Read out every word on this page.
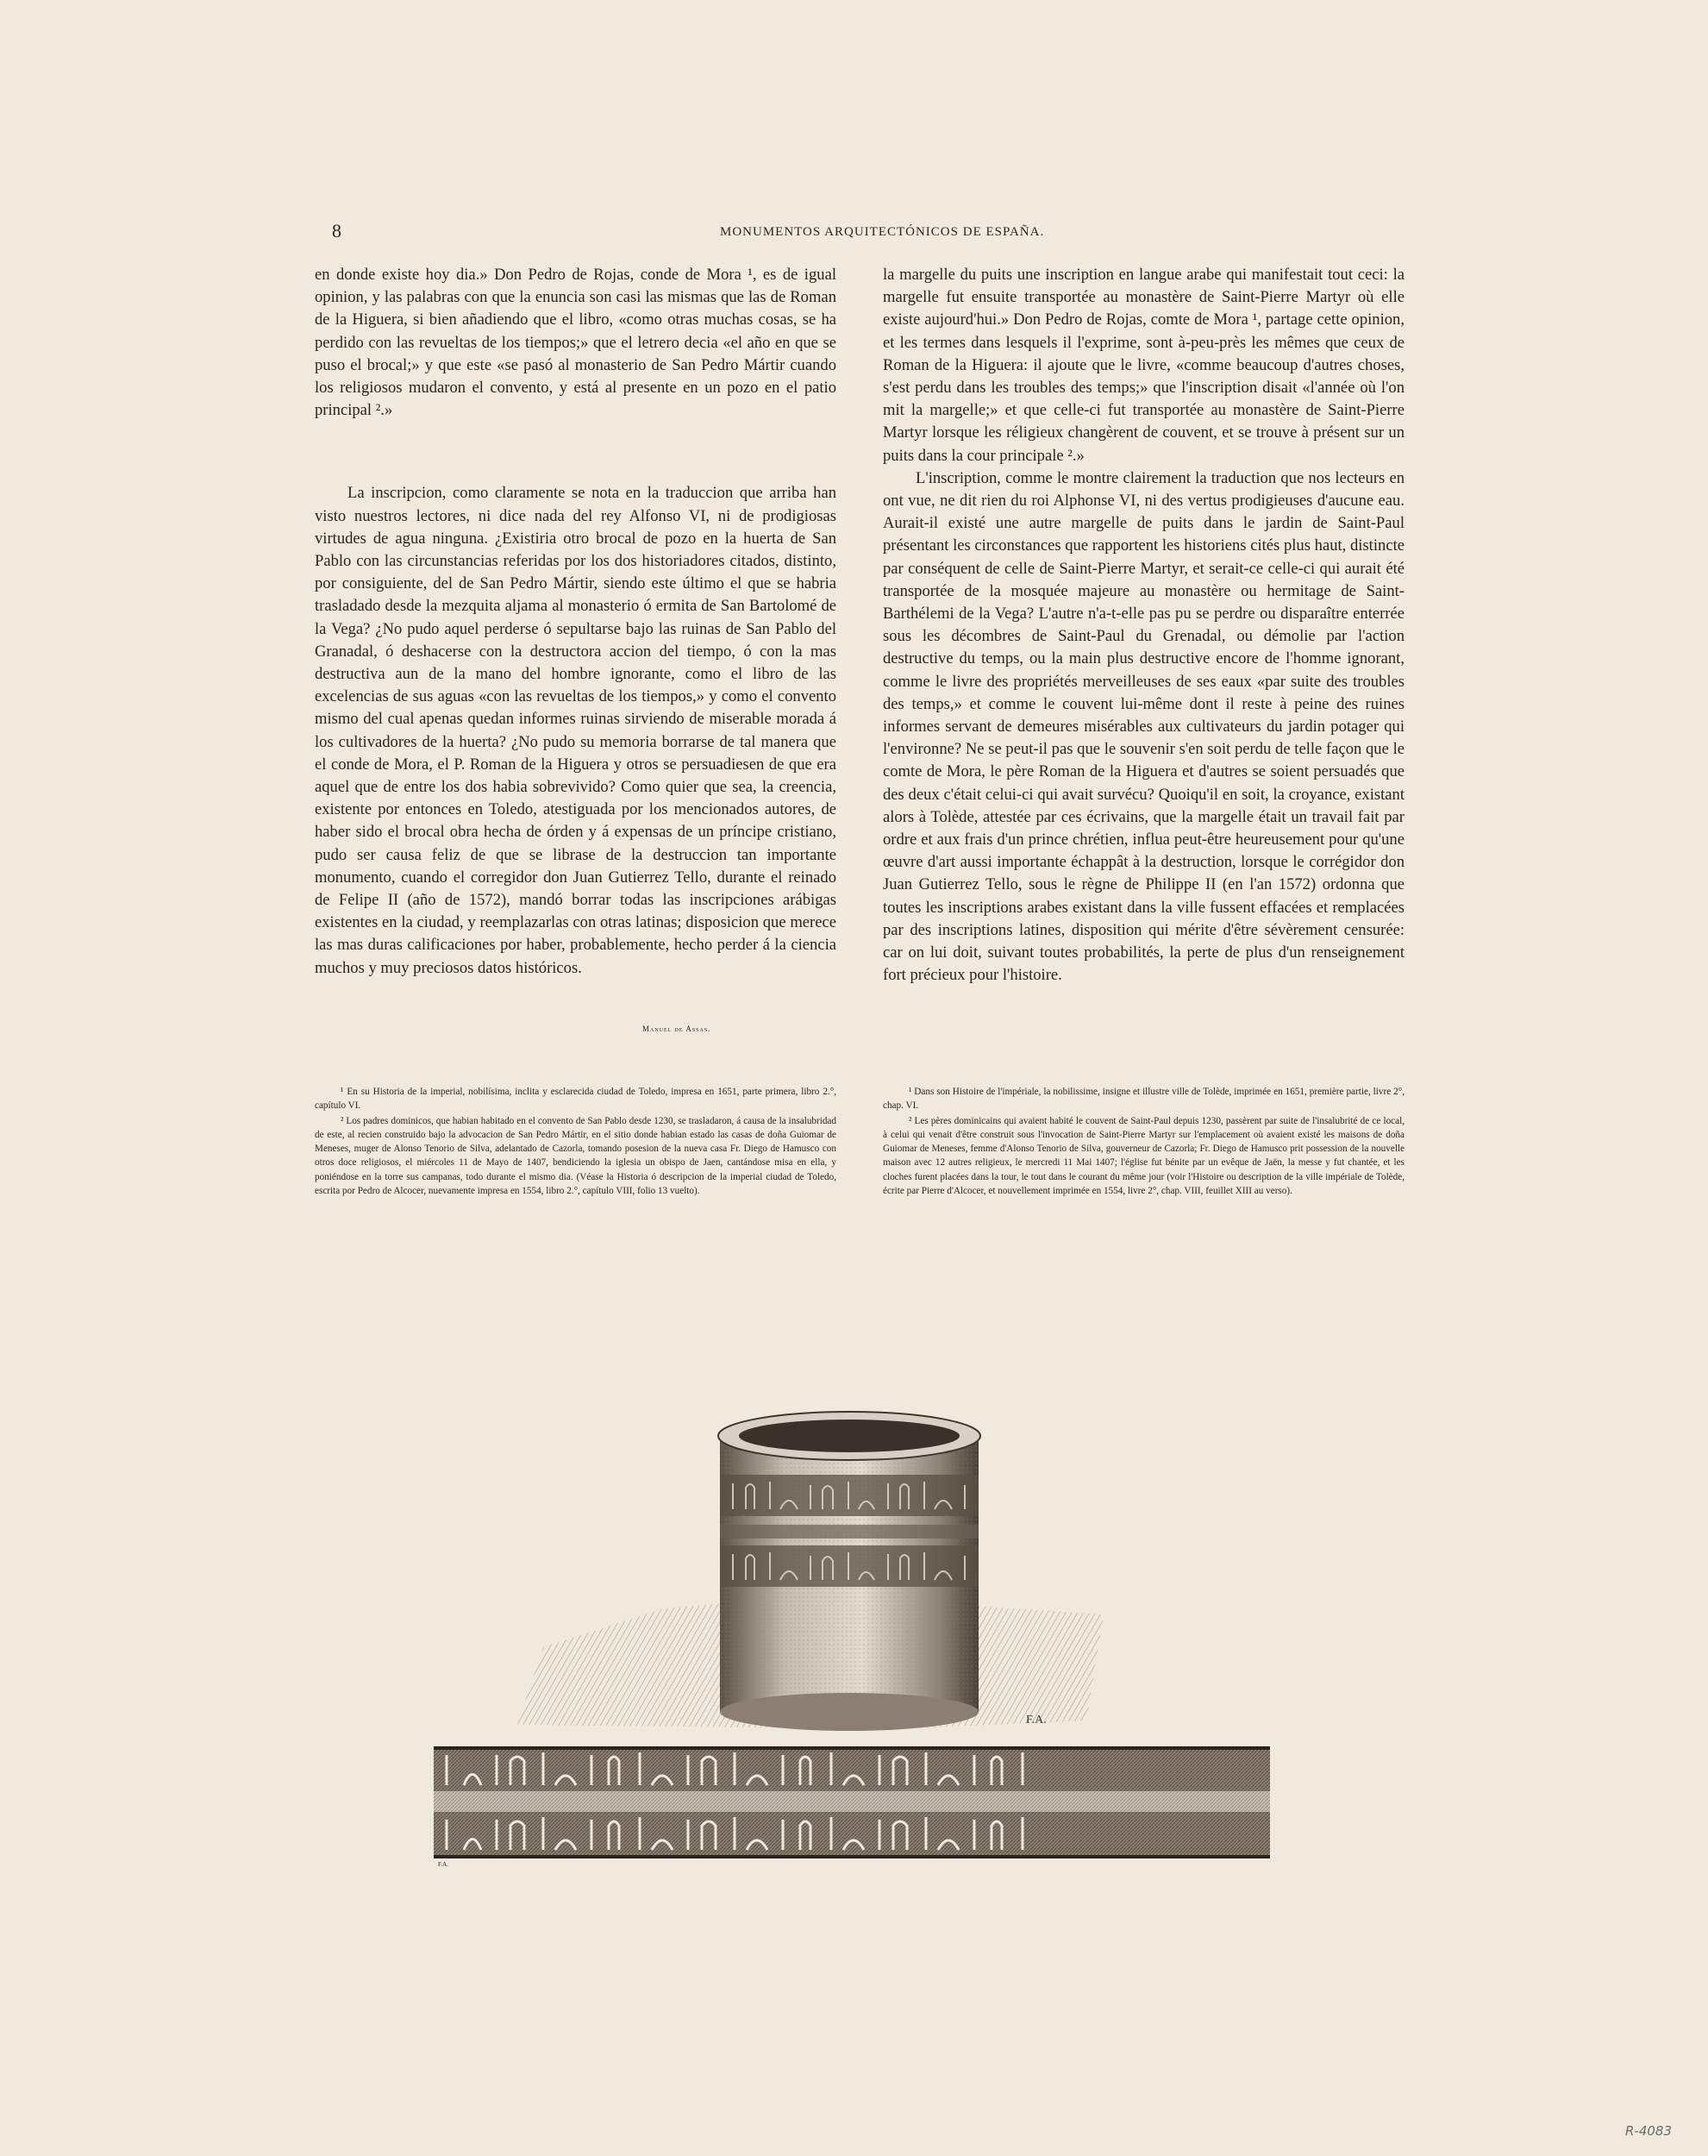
8	MONUMENTOS ARQUITECTÓNICOS DE ESPAÑA.

en donde existe hoy dia.» Don Pedro de Rojas, conde de Mora ¹, es de igual opinion, y las palabras con que la enuncia son casi las mismas que las de Roman de la Higuera, si bien añadiendo que el libro, «como otras muchas cosas, se ha perdido con las revueltas de los tiempos;» que el letrero decia «el año en que se puso el brocal;» y que este «se pasó al monasterio de San Pedro Mártir cuando los religiosos mudaron el convento, y está al presente en un pozo en el patio principal ².»

La inscripcion, como claramente se nota en la traduccion que arriba han visto nuestros lectores, ni dice nada del rey Alfonso VI, ni de prodigiosas virtudes de agua ninguna. ¿Existiria otro brocal de pozo en la huerta de San Pablo con las circunstancias referidas por los dos historiadores citados, distinto, por consiguiente, del de San Pedro Mártir, siendo este último el que se habria trasladado desde la mezquita aljama al monasterio ó ermita de San Bartolomé de la Vega? ¿No pudo aquel perderse ó sepultarse bajo las ruinas de San Pablo del Granadal, ó deshacerse con la destructora accion del tiempo, ó con la mas destructiva aun de la mano del hombre ignorante, como el libro de las excelencias de sus aguas «con las revueltas de los tiempos,» y como el convento mismo del cual apenas quedan informes ruinas sirviendo de miserable morada á los cultivadores de la huerta? ¿No pudo su memoria borrarse de tal manera que el conde de Mora, el P. Roman de la Higuera y otros se persuadiesen de que era aquel que de entre los dos habia sobrevivido? Como quier que sea, la creencia, existente por entonces en Toledo, atestiguada por los mencionados autores, de haber sido el brocal obra hecha de órden y á expensas de un príncipe cristiano, pudo ser causa feliz de que se librase de la destruccion tan importante monumento, cuando el corregidor don Juan Gutierrez Tello, durante el reinado de Felipe II (año de 1572), mandó borrar todas las inscripciones arábigas existentes en la ciudad, y reemplazarlas con otras latinas; disposicion que merece las mas duras calificaciones por haber, probablemente, hecho perder á la ciencia muchos y muy preciosos datos históricos.

Manuel de Assas.

la margelle du puits une inscription en langue arabe qui manifestait tout ceci: la margelle fut ensuite transportée au monastère de Saint-Pierre Martyr où elle existe aujourd'hui.» Don Pedro de Rojas, comte de Mora ¹, partage cette opinion, et les termes dans lesquels il l'exprime, sont à-peu-près les mêmes que ceux de Roman de la Higuera: il ajoute que le livre, «comme beaucoup d'autres choses, s'est perdu dans les troubles des temps;» que l'inscription disait «l'année où l'on mit la margelle;» et que celle-ci fut transportée au monastère de Saint-Pierre Martyr lorsque les réligieux changèrent de couvent, et se trouve à présent sur un puits dans la cour principale ².»

L'inscription, comme le montre clairement la traduction que nos lecteurs en ont vue, ne dit rien du roi Alphonse VI, ni des vertus prodigieuses d'aucune eau. Aurait-il existé une autre margelle de puits dans le jardin de Saint-Paul présentant les circonstances que rapportent les historiens cités plus haut, distincte par conséquent de celle de Saint-Pierre Martyr, et serait-ce celle-ci qui aurait été transportée de la mosquée majeure au monastère ou hermitage de Saint-Barthélemi de la Vega? L'autre n'a-t-elle pas pu se perdre ou disparaître enterrée sous les décombres de Saint-Paul du Grenadal, ou démolie par l'action destructive du temps, ou la main plus destructive encore de l'homme ignorant, comme le livre des propriétés merveilleuses de ses eaux «par suite des troubles des temps,» et comme le couvent lui-même dont il reste à peine des ruines informes servant de demeures misérables aux cultivateurs du jardin potager qui l'environne? Ne se peut-il pas que le souvenir s'en soit perdu de telle façon que le comte de Mora, le père Roman de la Higuera et d'autres se soient persuadés que des deux c'était celui-ci qui avait survécu? Quoiqu'il en soit, la croyance, existant alors à Tolède, attestée par ces écrivains, que la margelle était un travail fait par ordre et aux frais d'un prince chrétien, influa peut-être heureusement pour qu'une œuvre d'art aussi importante échappât à la destruction, lorsque le corrégidor don Juan Gutierrez Tello, sous le règne de Philippe II (en l'an 1572) ordonna que toutes les inscriptions arabes existant dans la ville fussent effacées et remplacées par des inscriptions latines, disposition qui mérite d'être sévèrement censurée: car on lui doit, suivant toutes probabilités, la perte de plus d'un renseignement fort précieux pour l'histoire.

¹ En su Historia de la imperial, nobilísima, inclita y esclarecida ciudad de Toledo, impresa en 1651, parte primera, libro 2.°, capítulo VI.

² Los padres dominicos, que habian habitado en el convento de San Pablo desde 1230, se trasladaron, á causa de la insalubridad de este, al recien construido bajo la advocacion de San Pedro Mártir, en el sitio donde habian estado las casas de doña Guiomar de Meneses, muger de Alonso Tenorio de Silva, adelantado de Cazorla, tomando posesion de la nueva casa Fr. Diego de Hamusco con otros doce religiosos, el miércoles 11 de Mayo de 1407, bendiciendo la iglesia un obispo de Jaen, cantándose misa en ella, y poniéndose en la torre sus campanas, todo durante el mismo dia. (Véase la Historia ó descripcion de la imperial ciudad de Toledo, escrita por Pedro de Alcocer, nuevamente impresa en 1554, libro 2.°, capítulo VIII, folio 13 vuelto).

¹ Dans son Histoire de l'impériale, la nobilissime, insigne et illustre ville de Tolède, imprimée en 1651, première partie, livre 2°, chap. VI.

² Les pères dominicains qui avaient habité le couvent de Saint-Paul depuis 1230, passèrent par suite de l'insalubrité de ce local, à celui qui venait d'être construit sous l'invocation de Saint-Pierre Martyr sur l'emplacement où avaient existé les maisons de doña Guiomar de Meneses, femme d'Alonso Tenorio de Silva, gouverneur de Cazorla; Fr. Diego de Hamusco prit possession de la nouvelle maison avec 12 autres religieux, le mercredi 11 Mai 1407; l'église fut bénite par un evêque de Jaën, la messe y fut chantée, et les cloches furent placées dans la tour, le tout dans le courant du même jour (voir l'Histoire ou description de la ville impériale de Tolède, écrite par Pierre d'Alcocer, et nouvellement imprimée en 1554, livre 2°, chap. VIII, feuillet XIII au verso).

F.A.
F.A.
R-4083
